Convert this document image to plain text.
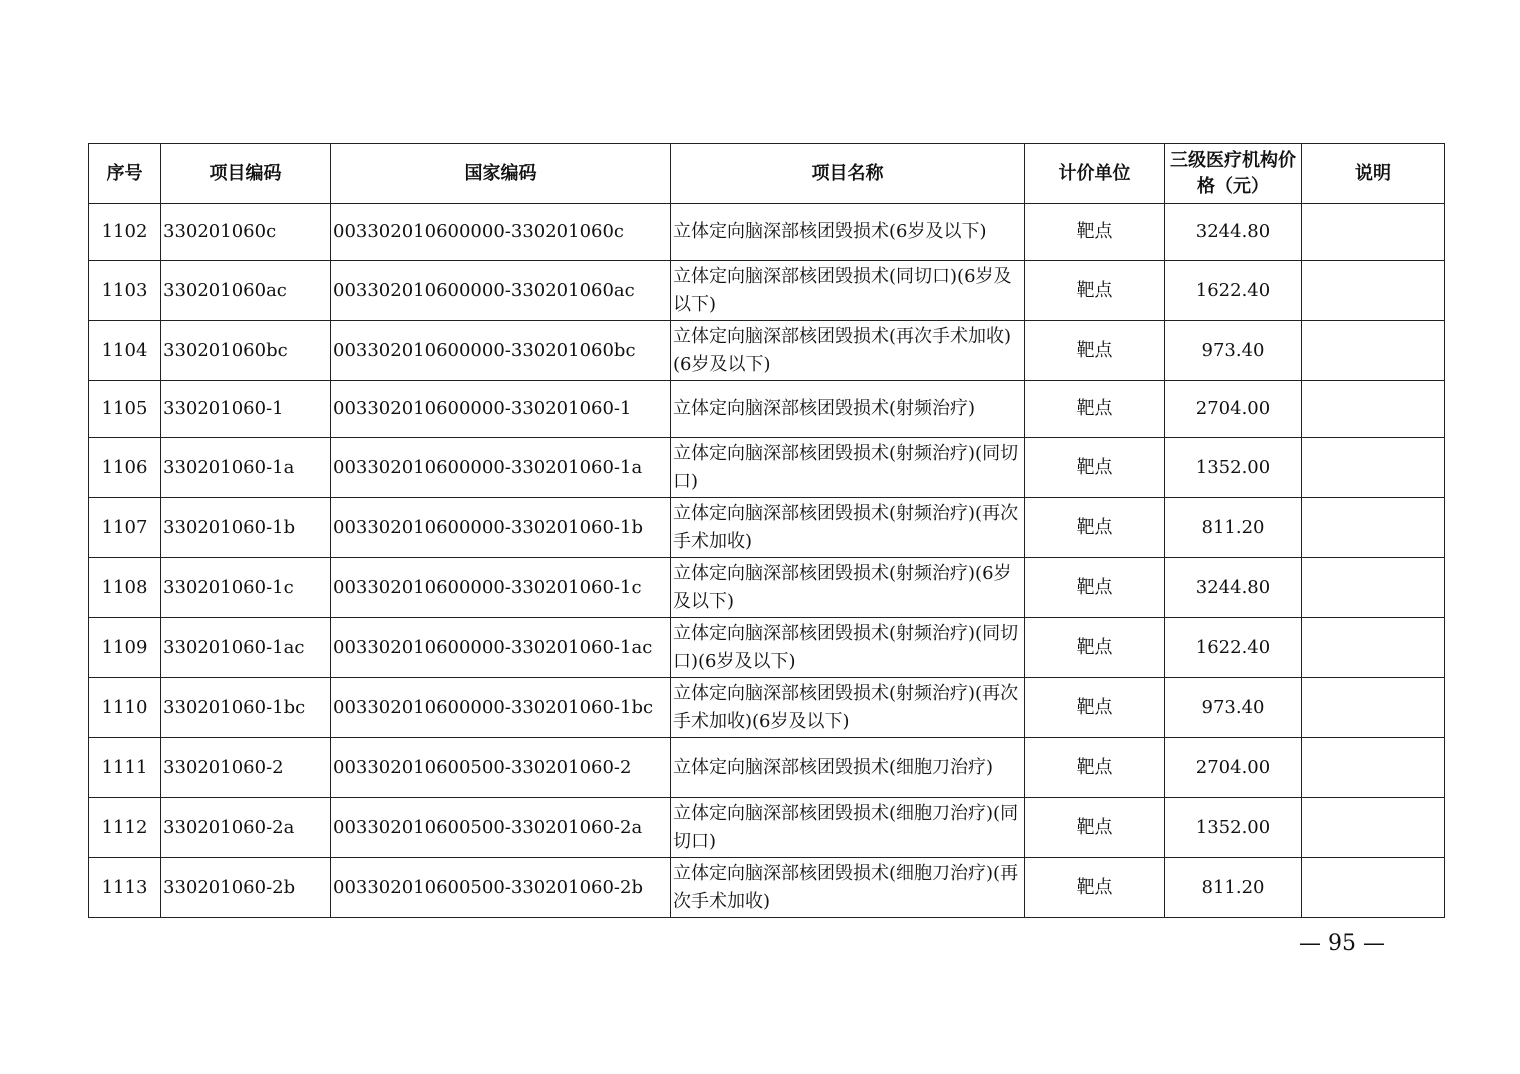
序号	项目编码	国家编码	项目名称	计价单位	三级医疗机构价格（元）	说明
1102	330201060c	003302010600000-330201060c	立体定向脑深部核团毁损术(6岁及以下)	靶点	3244.80	
1103	330201060ac	003302010600000-330201060ac	立体定向脑深部核团毁损术(同切口)(6岁及以下)	靶点	1622.40	
1104	330201060bc	003302010600000-330201060bc	立体定向脑深部核团毁损术(再次手术加收)(6岁及以下)	靶点	973.40	
1105	330201060-1	003302010600000-330201060-1	立体定向脑深部核团毁损术(射频治疗)	靶点	2704.00	
1106	330201060-1a	003302010600000-330201060-1a	立体定向脑深部核团毁损术(射频治疗)(同切口)	靶点	1352.00	
1107	330201060-1b	003302010600000-330201060-1b	立体定向脑深部核团毁损术(射频治疗)(再次手术加收)	靶点	811.20	
1108	330201060-1c	003302010600000-330201060-1c	立体定向脑深部核团毁损术(射频治疗)(6岁及以下)	靶点	3244.80	
1109	330201060-1ac	003302010600000-330201060-1ac	立体定向脑深部核团毁损术(射频治疗)(同切口)(6岁及以下)	靶点	1622.40	
1110	330201060-1bc	003302010600000-330201060-1bc	立体定向脑深部核团毁损术(射频治疗)(再次手术加收)(6岁及以下)	靶点	973.40	
1111	330201060-2	003302010600500-330201060-2	立体定向脑深部核团毁损术(细胞刀治疗)	靶点	2704.00	
1112	330201060-2a	003302010600500-330201060-2a	立体定向脑深部核团毁损术(细胞刀治疗)(同切口)	靶点	1352.00	
1113	330201060-2b	003302010600500-330201060-2b	立体定向脑深部核团毁损术(细胞刀治疗)(再次手术加收)	靶点	811.20	
— 95 —
